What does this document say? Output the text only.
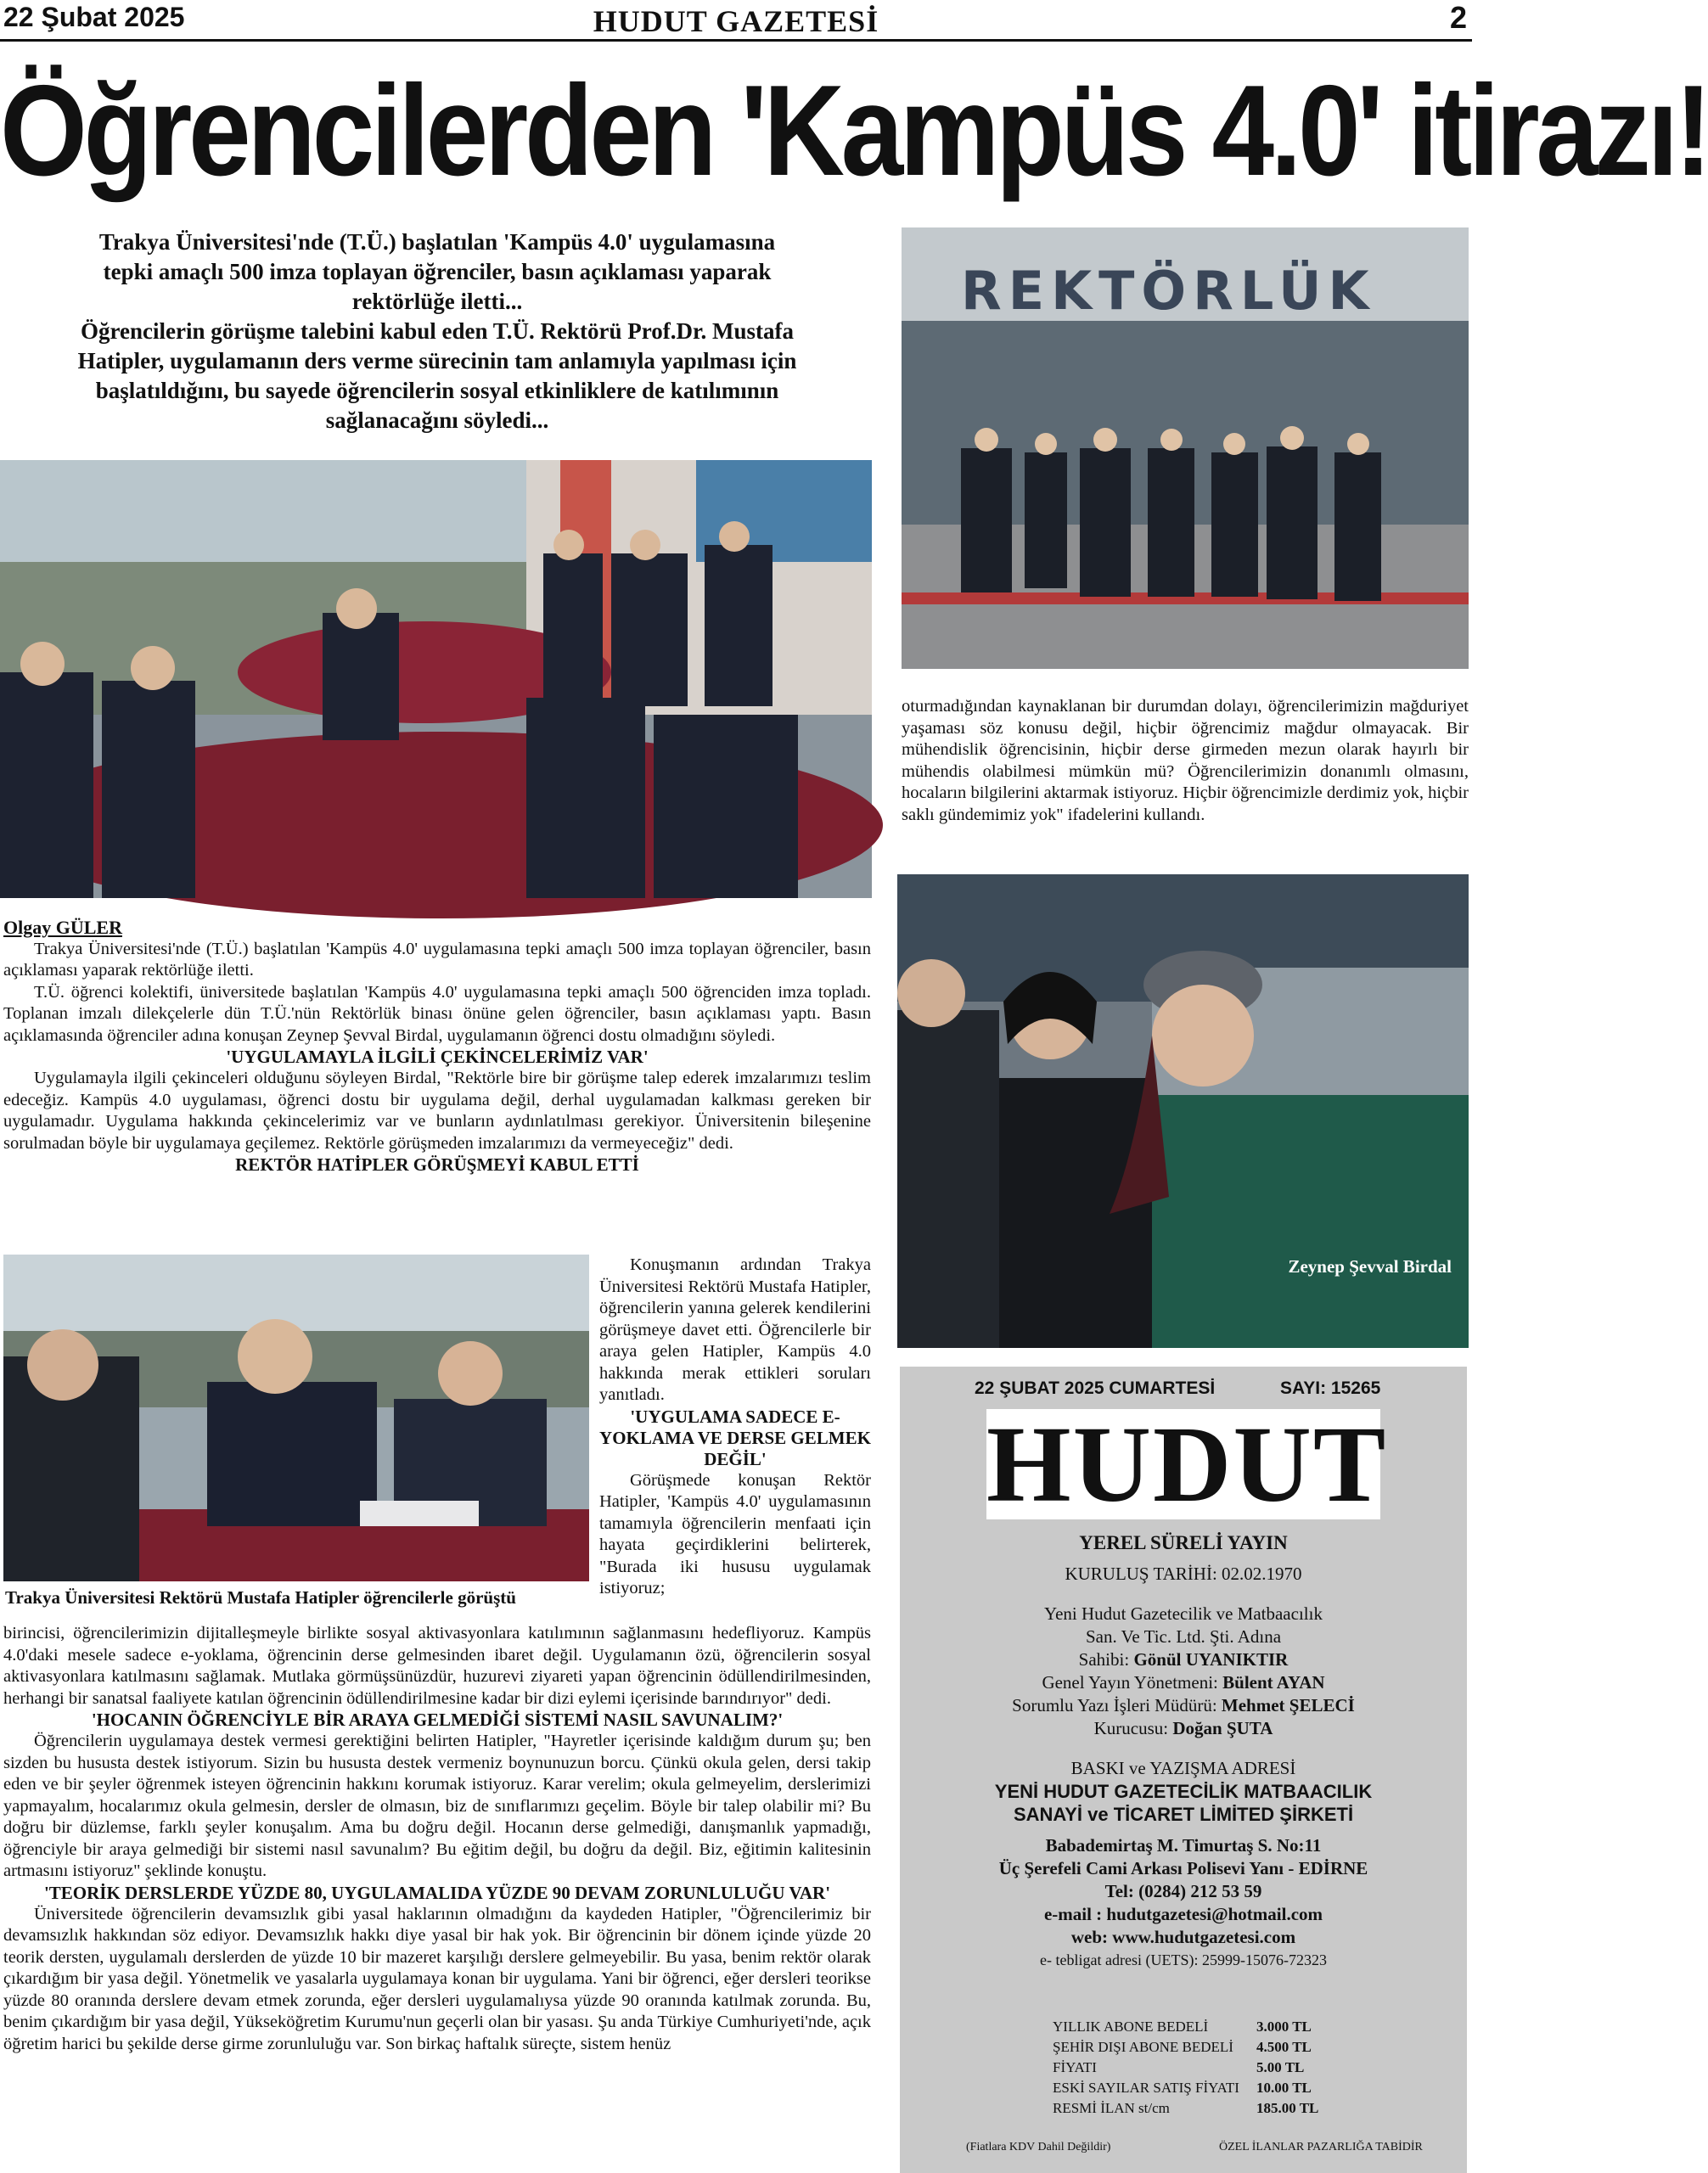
22 Şubat 2025	HUDUT GAZETESİ	2
Öğrencilerden 'Kampüs 4.0' itirazı!
Trakya Üniversitesi'nde (T.Ü.) başlatılan 'Kampüs 4.0' uygulamasına
tepki amaçlı 500 imza toplayan öğrenciler, basın açıklaması yaparak
rektörlüğe iletti...
Öğrencilerin görüşme talebini kabul eden T.Ü. Rektörü Prof.Dr. Mustafa
Hatipler, uygulamanın ders verme sürecinin tam anlamıyla yapılması için
başlatıldığını, bu sayede öğrencilerin sosyal etkinliklere de katılımının
sağlanacağını söyledi...
REKTÖRLÜK

oturmadığından kaynaklanan bir durumdan dolayı, öğrencilerimizin mağduriyet yaşaması söz konusu değil, hiçbir öğrencimiz mağdur olmayacak. Bir mühendislik öğrencisinin, hiçbir derse girmeden mezun olarak hayırlı bir mühendis olabilmesi mümkün mü? Öğrencilerimizin donanımlı olmasını, hocaların bilgilerini aktarmak istiyoruz. Hiçbir öğrencimizle derdimiz yok, hiçbir saklı gündemimiz yok" ifadelerini kullandı.

Zeynep Şevval Birdal

Olgay GÜLER

Trakya Üniversitesi'nde (T.Ü.) başlatılan 'Kampüs 4.0' uygulamasına tepki amaçlı 500 imza toplayan öğrenciler, basın açıklaması yaparak rektörlüğe iletti.

T.Ü. öğrenci kolektifi, üniversitede başlatılan 'Kampüs 4.0' uygulamasına tepki amaçlı 500 öğrenciden imza topladı. Toplanan imzalı dilekçelerle dün T.Ü.'nün Rektörlük binası önüne gelen öğrenciler, basın açıklaması yaptı. Basın açıklamasında öğrenciler adına konuşan Zeynep Şevval Birdal, uygulamanın öğrenci dostu olmadığını söyledi.

'UYGULAMAYLA İLGİLİ ÇEKİNCELERİMİZ VAR'

Uygulamayla ilgili çekinceleri olduğunu söyleyen Birdal, "Rektörle bire bir görüşme talep ederek imzalarımızı teslim edeceğiz. Kampüs 4.0 uygulaması, öğrenci dostu bir uygulama değil, derhal uygulamadan kalkması gereken bir uygulamadır. Uygulama hakkında çekincelerimiz var ve bunların aydınlatılması gerekiyor. Üniversitenin bileşenine sorulmadan böyle bir uygulamaya geçilemez. Rektörle görüşmeden imzalarımızı da vermeyeceğiz" dedi.

REKTÖR HATİPLER GÖRÜŞMEYİ KABUL ETTİ

Trakya Üniversitesi Rektörü Mustafa Hatipler öğrencilerle görüştü

Konuşmanın ardından Trakya Üniversitesi Rektörü Mustafa Hatipler, öğrencilerin yanına gelerek kendilerini görüşmeye davet etti. Öğrencilerle bir araya gelen Hatipler, Kampüs 4.0 hakkında merak ettikleri soruları yanıtladı.

'UYGULAMA SADECE E-YOKLAMA VE DERSE GELMEK DEĞİL'

Görüşmede konuşan Rektör Hatipler, 'Kampüs 4.0' uygulamasının tamamıyla öğrencilerin menfaati için hayata geçirdiklerini belirterek, "Burada iki hususu uygulamak istiyoruz;

birincisi, öğrencilerimizin dijitalleşmeyle birlikte sosyal aktivasyonlara katılımının sağlanmasını hedefliyoruz. Kampüs 4.0'daki mesele sadece e-yoklama, öğrencinin derse gelmesinden ibaret değil. Uygulamanın özü, öğrencilerin sosyal aktivasyonlara katılmasını sağlamak. Mutlaka görmüşsünüzdür, huzurevi ziyareti yapan öğrencinin ödüllendirilmesinden, herhangi bir sanatsal faaliyete katılan öğrencinin ödüllendirilmesine kadar bir dizi eylemi içerisinde barındırıyor" dedi.

'HOCANIN ÖĞRENCİYLE BİR ARAYA GELMEDİĞİ SİSTEMİ NASIL SAVUNALIM?'

Öğrencilerin uygulamaya destek vermesi gerektiğini belirten Hatipler, "Hayretler içerisinde kaldığım durum şu; ben sizden bu hususta destek istiyorum. Sizin bu hususta destek vermeniz boynunuzun borcu. Çünkü okula gelen, dersi takip eden ve bir şeyler öğrenmek isteyen öğrencinin hakkını korumak istiyoruz. Karar verelim; okula gelmeyelim, derslerimizi yapmayalım, hocalarımız okula gelmesin, dersler de olmasın, biz de sınıflarımızı geçelim. Böyle bir talep olabilir mi? Bu doğru bir düzlemse, farklı şeyler konuşalım. Ama bu doğru değil. Hocanın derse gelmediği, danışmanlık yapmadığı, öğrenciyle bir araya gelmediği bir sistemi nasıl savunalım? Bu eğitim değil, bu doğru da değil. Biz, eğitimin kalitesinin artmasını istiyoruz" şeklinde konuştu.

'TEORİK DERSLERDE YÜZDE 80, UYGULAMALIDA YÜZDE 90 DEVAM ZORUNLULUĞU VAR'

Üniversitede öğrencilerin devamsızlık gibi yasal haklarının olmadığını da kaydeden Hatipler, "Öğrencilerimiz bir devamsızlık hakkından söz ediyor. Devamsızlık hakkı diye yasal bir hak yok. Bir öğrencinin bir dönem içinde yüzde 20 teorik dersten, uygulamalı derslerden de yüzde 10 bir mazeret karşılığı derslere gelmeyebilir. Bu yasa, benim rektör olarak çıkardığım bir yasa değil. Yönetmelik ve yasalarla uygulamaya konan bir uygulama. Yani bir öğrenci, eğer dersleri teorikse yüzde 80 oranında derslere devam etmek zorunda, eğer dersleri uygulamalıysa yüzde 90 oranında katılmak zorunda. Bu, benim çıkardığım bir yasa değil, Yükseköğretim Kurumu'nun geçerli olan bir yasası. Şu anda Türkiye Cumhuriyeti'nde, açık öğretim harici bu şekilde derse girme zorunluluğu var. Son birkaç haftalık süreçte, sistem henüz

22 ŞUBAT 2025 CUMARTESİ	SAYI: 15265
HUDUT
YEREL SÜRELİ YAYIN
KURULUŞ TARİHİ: 02.02.1970
Yeni Hudut Gazetecilik ve Matbaacılık
San. Ve Tic. Ltd. Şti. Adına
Sahibi: Gönül UYANIKTIR
Genel Yayın Yönetmeni: Bülent AYAN
Sorumlu Yazı İşleri Müdürü: Mehmet ŞELECİ
Kurucusu: Doğan ŞUTA
BASKI ve YAZIŞMA ADRESİ
YENİ HUDUT GAZETECİLİK MATBAACILIK
SANAYİ ve TİCARET LİMİTED ŞİRKETİ
Babademirtaş M. Timurtaş S. No:11
Üç Şerefeli Cami Arkası Polisevi Yanı - EDİRNE
Tel: (0284) 212 53 59
e-mail : hudutgazetesi@hotmail.com
web: www.hudutgazetesi.com
e- tebligat adresi (UETS): 25999-15076-72323
YILLIK ABONE BEDELİ	3.000 TL
ŞEHİR DIŞI ABONE BEDELİ	4.500 TL
FİYATI	5.00 TL
ESKİ SAYILAR SATIŞ FİYATI	10.00 TL
RESMİ İLAN st/cm	185.00 TL
(Fiatlara KDV Dahil Değildir)	ÖZEL İLANLAR PAZARLIĞA TABİDİR
